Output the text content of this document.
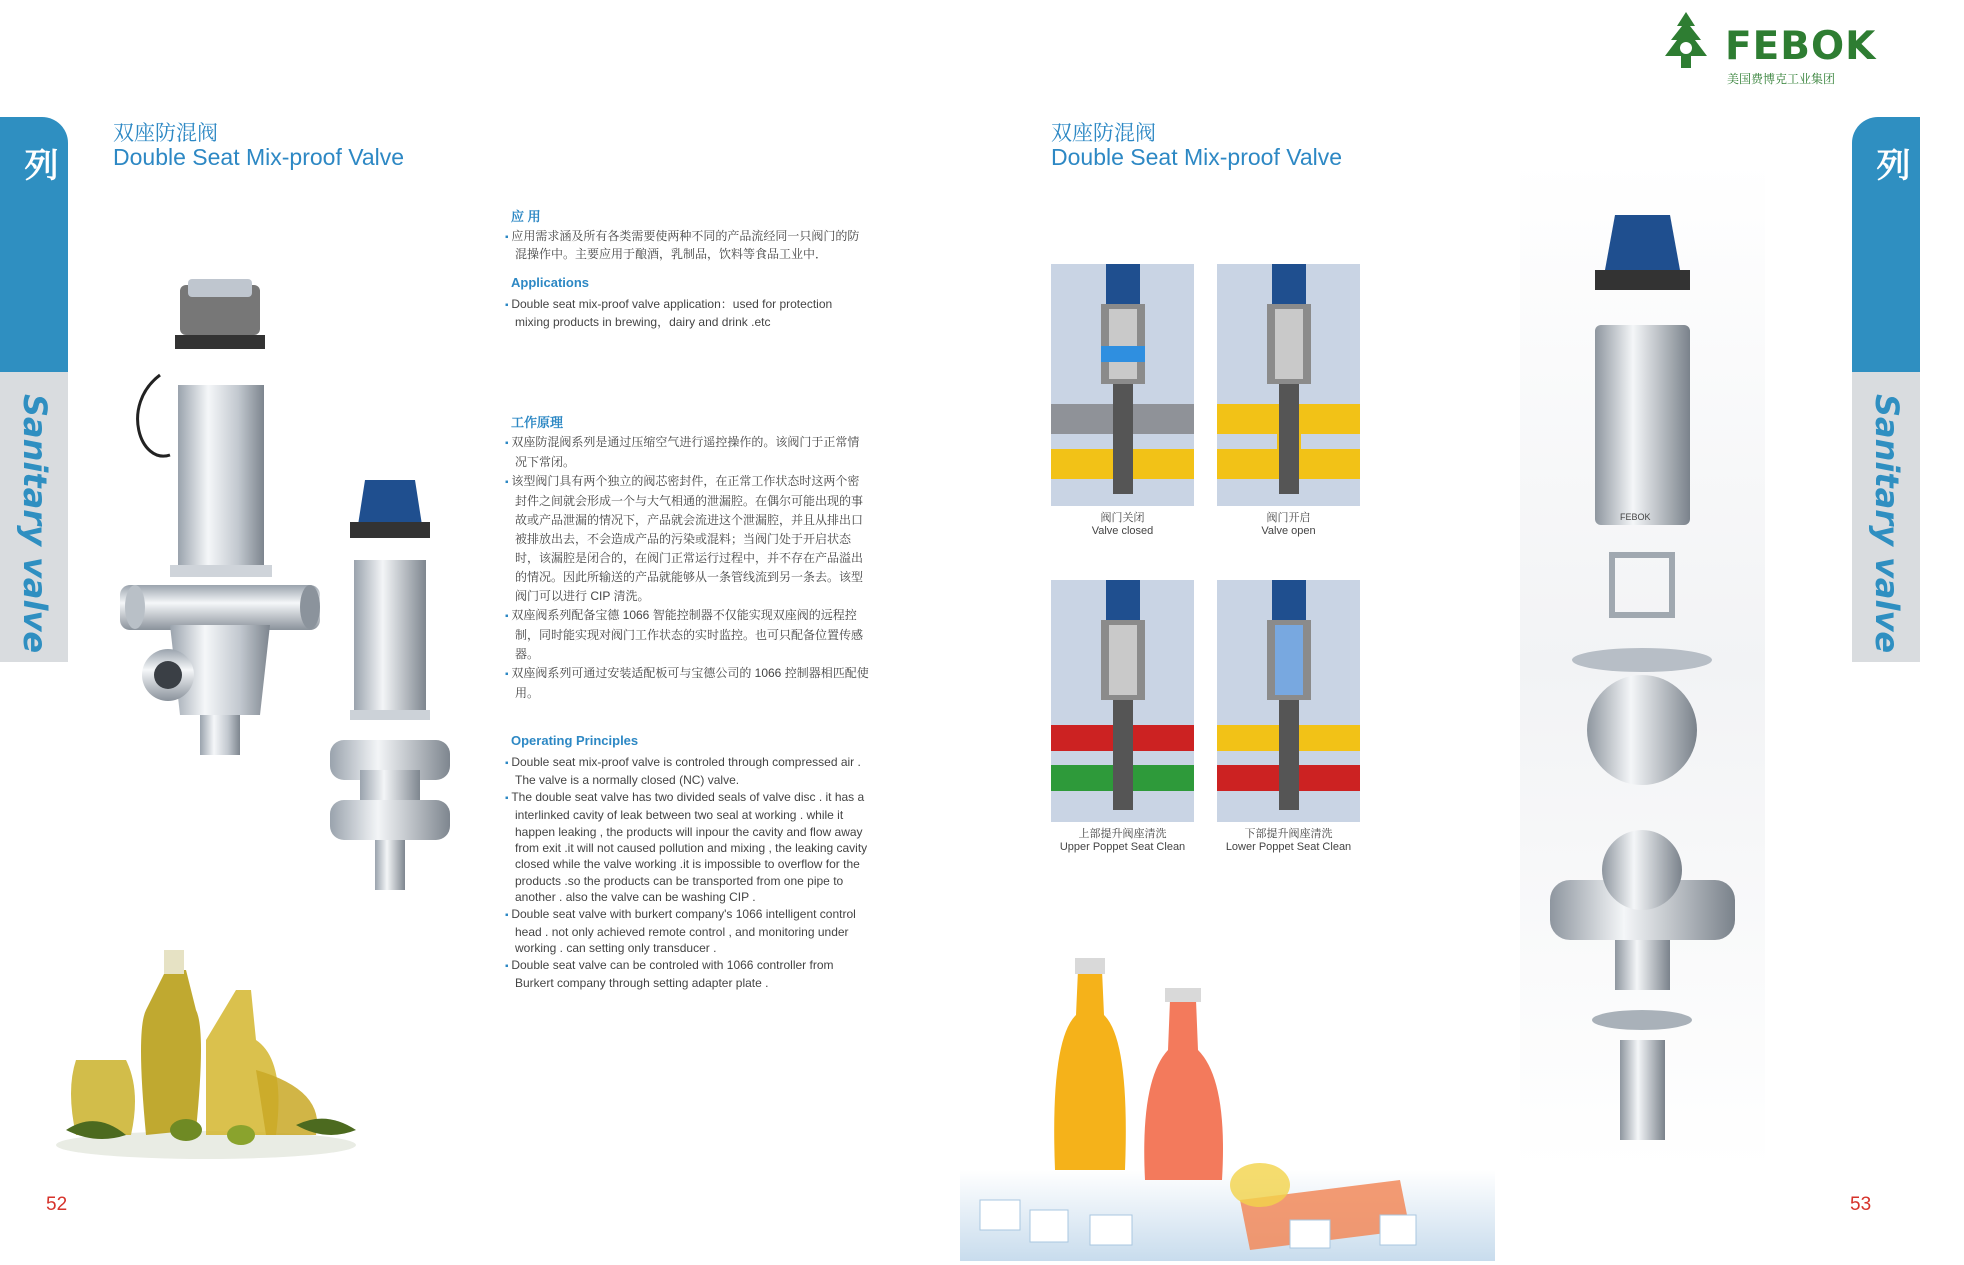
FEBOK
美国费博克工业集团
卫生级阀门系列
Sanitary valve
卫生级阀门系列
Sanitary valve
双座防混阀
Double Seat Mix-proof Valve
应 用

▪ 应用需求涵及所有各类需要使两种不同的产品流经同一只阀门的防混操作中。主要应用于酿酒，乳制品，饮料等食品工业中．

Applications

▪ Double seat mix-proof valve application：used for protection mixing products in brewing，dairy and drink .etc

工作原理

▪ 双座防混阀系列是通过压缩空气进行遥控操作的。该阀门于正常情况下常闭。

▪ 该型阀门具有两个独立的阀芯密封件，在正常工作状态时这两个密封件之间就会形成一个与大气相通的泄漏腔。在偶尔可能出现的事故或产品泄漏的情况下，产品就会流进这个泄漏腔，并且从排出口被排放出去，不会造成产品的污染或混料；当阀门处于开启状态时，该漏腔是闭合的，在阀门正常运行过程中，并不存在产品溢出的情况。因此所输送的产品就能够从一条管线流到另一条去。该型阀门可以进行 CIP 清洗。

▪ 双座阀系列配备宝德 1066 智能控制器不仅能实现双座阀的远程控制，同时能实现对阀门工作状态的实时监控。也可只配备位置传感器。

▪ 双座阀系列可通过安装适配板可与宝德公司的 1066 控制器相匹配使用。

Operating Principles

▪ Double seat mix-proof valve is controled through compressed air . The valve is a normally closed (NC) valve.

▪ The double seat valve has two divided seals of valve disc . it has a interlinked cavity of leak between two seal at working . while it happen leaking , the products will inpour the cavity and flow away from exit .it will not caused pollution and mixing , the leaking cavity closed while the valve working .it is impossible to overflow for the products .so the products can be transported from one pipe to another . also the valve can be washing CIP .

▪ Double seat valve with burkert company's 1066 intelligent control head . not only achieved remote control , and monitoring under working . can setting only transducer .

▪ Double seat valve can be controled with 1066 controller from Burkert company through setting adapter plate .

52
双座防混阀
Double Seat Mix-proof Valve
阀门关闭
Valve closed
阀门开启
Valve open
上部提升阀座清洗
Upper Poppet Seat Clean
下部提升阀座清洗
Lower Poppet Seat Clean
FEBOK
53
